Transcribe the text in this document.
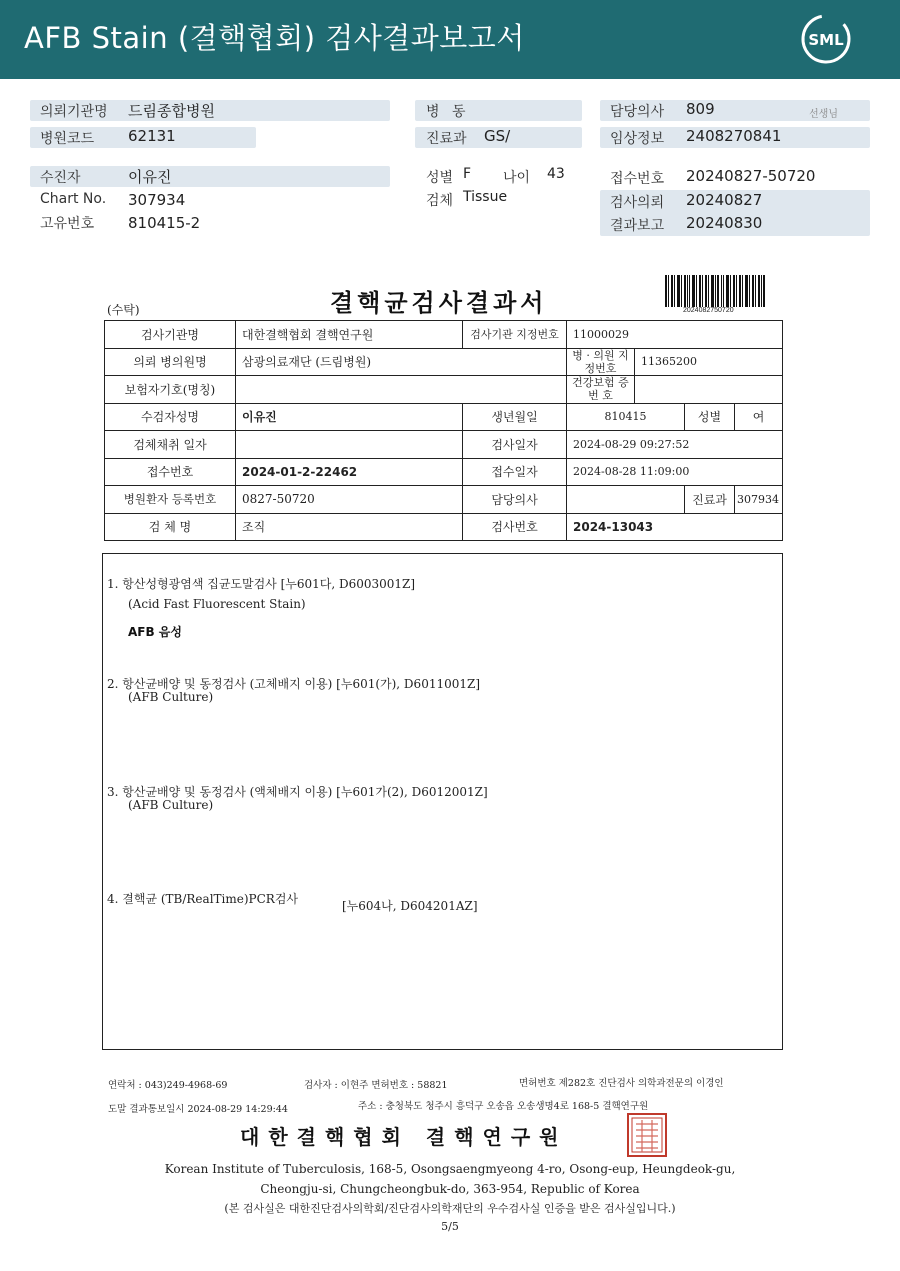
AFB Stain (결핵협회) 검사결과보고서	SML
의뢰기관명 드림종합병원
병원코드 62131
수진자	이유진
Chart No. 307934
고유번호 810415-2
병 동
진료과 GS/
성별 F 나이 43
검체 Tissue
담당의사 809	선생님
임상정보 2408270841
접수번호 20240827-50720
검사의뢰 20240827
결과보고 20240830
(수탁)	결핵균검사결과서	2024082750720
검사기관명	대한결핵협회 결핵연구원	검사기관 지정번호	11000029			
의뢰 병의원명	삼광의료재단 (드림병원)		병 · 의원 지정번호	11365200		
보험자기호(명칭)			건강보험 증 번 호			
수검자성명	이유진	생년월일	810415		성별	여
검체채취 일자		검사일자	2024-08-29 09:27:52			
접수번호	2024-01-2-22462	접수일자	2024-08-28 11:09:00			
병원환자 등록번호	0827-50720	담당의사			진료과	307934
검 체 명	조직	검사번호	2024-13043			
1. 항산성형광염색 집균도말검사 [누601다, D6003001Z]
(Acid Fast Fluorescent Stain)
AFB 음성
2. 항산균배양 및 동정검사 (고체배지 이용) [누601(가), D6011001Z]
(AFB Culture)
3. 항산균배양 및 동정검사 (액체배지 이용) [누601가(2), D6012001Z]
(AFB Culture)
4. 결핵균 (TB/RealTime)PCR검사	[누604나, D604201AZ]
연락처 : 043)249-4968-69	검사자 : 이현주 면허번호 : 58821	면허번호 제282호 진단검사 의학과전문의 이경인
도말 결과통보일시 2024-08-29 14:29:44	주소 : 충청북도 청주시 흥덕구 오송읍 오송생명4로 168-5 결핵연구원
대한결핵협회 결핵연구원
Korean Institute of Tuberculosis, 168-5, Osongsaengmyeong 4-ro, Osong-eup, Heungdeok-gu,
Cheongju-si, Chungcheongbuk-do, 363-954, Republic of Korea
(본 검사실은 대한진단검사의학회/진단검사의학재단의 우수검사실 인증을 받은 검사실입니다.)
5/5
